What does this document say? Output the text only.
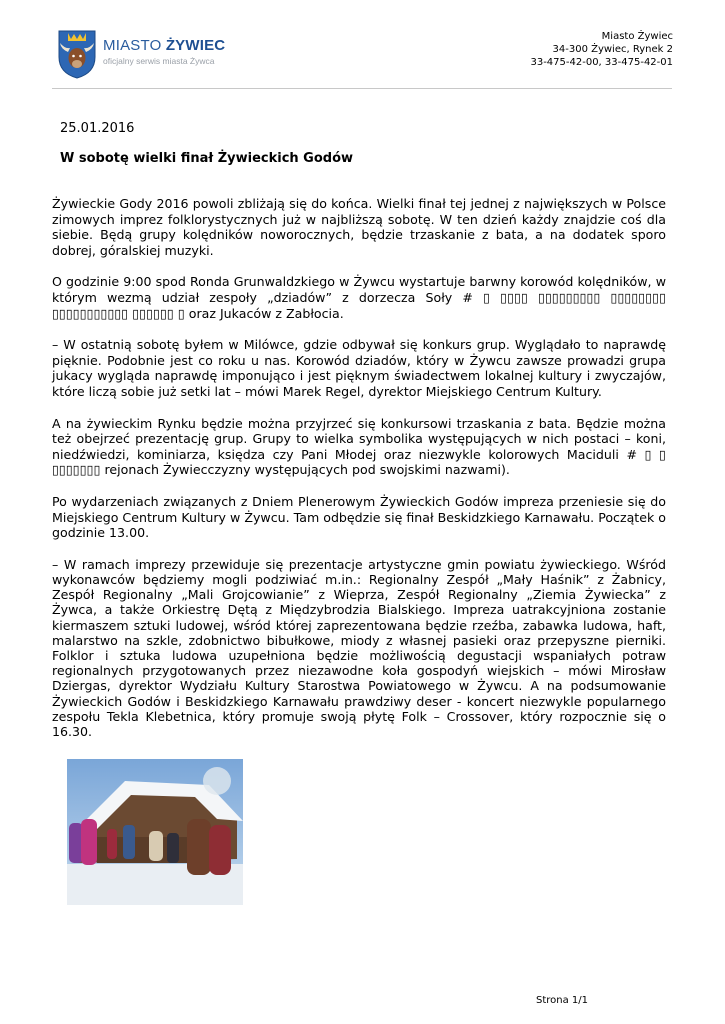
MIASTO ŻYWIEC
oficjalny serwis miasta Żywca
Miasto Żywiec
34-300 Żywiec, Rynek 2
33-475-42-00, 33-475-42-01
25.01.2016
W sobotę wielki finał Żywieckich Godów

Żywieckie Gody 2016 powoli zbliżają się do końca. Wielki finał tej jednej z największych w Polsce zimowych imprez folklorystycznych już w najbliższą sobotę. W ten dzień każdy znajdzie coś dla siebie. Będą grupy kolędników noworocznych, będzie trzaskanie z bata, a na dodatek sporo dobrej, góralskiej muzyki.

O godzinie 9:00 spod Ronda Grunwaldzkiego w Żywcu wystartuje barwny korowód kolędników, w którym wezmą udział zespoły „dziadów” z dorzecza Soły # ▯ ▯▯▯▯ ▯▯▯▯▯▯▯▯▯ ▯▯▯▯▯▯▯▯ ▯▯▯▯▯▯▯▯▯▯▯ ▯▯▯▯▯▯ ▯ oraz Jukaców z Zabłocia.

– W ostatnią sobotę byłem w Milówce, gdzie odbywał się konkurs grup. Wyglądało to naprawdę pięknie. Podobnie jest co roku u nas. Korowód dziadów, który w Żywcu zawsze prowadzi grupa jukacy wygląda naprawdę imponująco i jest pięknym świadectwem lokalnej kultury i zwyczajów, które liczą sobie już setki lat – mówi Marek Regel, dyrektor Miejskiego Centrum Kultury.

A na żywieckim Rynku będzie można przyjrzeć się konkursowi trzaskania z bata. Będzie można też obejrzeć prezentację grup. Grupy to wielka symbolika występujących w nich postaci – koni, niedźwiedzi, kominiarza, księdza czy Pani Młodej oraz niezwykle kolorowych Maciduli # ▯ ▯ ▯▯▯▯▯▯▯ rejonach Żywiecczyzny występujących pod swojskimi nazwami).

Po wydarzeniach związanych z Dniem Plenerowym Żywieckich Godów impreza przeniesie się do Miejskiego Centrum Kultury w Żywcu. Tam odbędzie się finał Beskidzkiego Karnawału. Początek o godzinie 13.00.

– W ramach imprezy przewiduje się prezentacje artystyczne gmin powiatu żywieckiego. Wśród wykonawców będziemy mogli podziwiać m.in.: Regionalny Zespół „Mały Haśnik” z Żabnicy, Zespół Regionalny „Mali Grojcowianie” z Wieprza, Zespół Regionalny „Ziemia Żywiecka” z Żywca, a także Orkiestrę Dętą z Międzybrodzia Bialskiego. Impreza uatrakcyjniona zostanie kiermaszem sztuki ludowej, wśród której zaprezentowana będzie rzeźba, zabawka ludowa, haft, malarstwo na szkle, zdobnictwo bibułkowe, miody z własnej pasieki oraz przepyszne pierniki. Folklor i sztuka ludowa uzupełniona będzie możliwością degustacji wspaniałych potraw regionalnych przygotowanych przez niezawodne koła gospodyń wiejskich – mówi Mirosław Dziergas, dyrektor Wydziału Kultury Starostwa Powiatowego w Żywcu. A na podsumowanie Żywieckich Godów i Beskidzkiego Karnawału prawdziwy deser - koncert niezwykle popularnego zespołu Tekla Klebetnica, który promuje swoją płytę Folk – Crossover, który rozpocznie się o 16.30.

Strona 1/1
